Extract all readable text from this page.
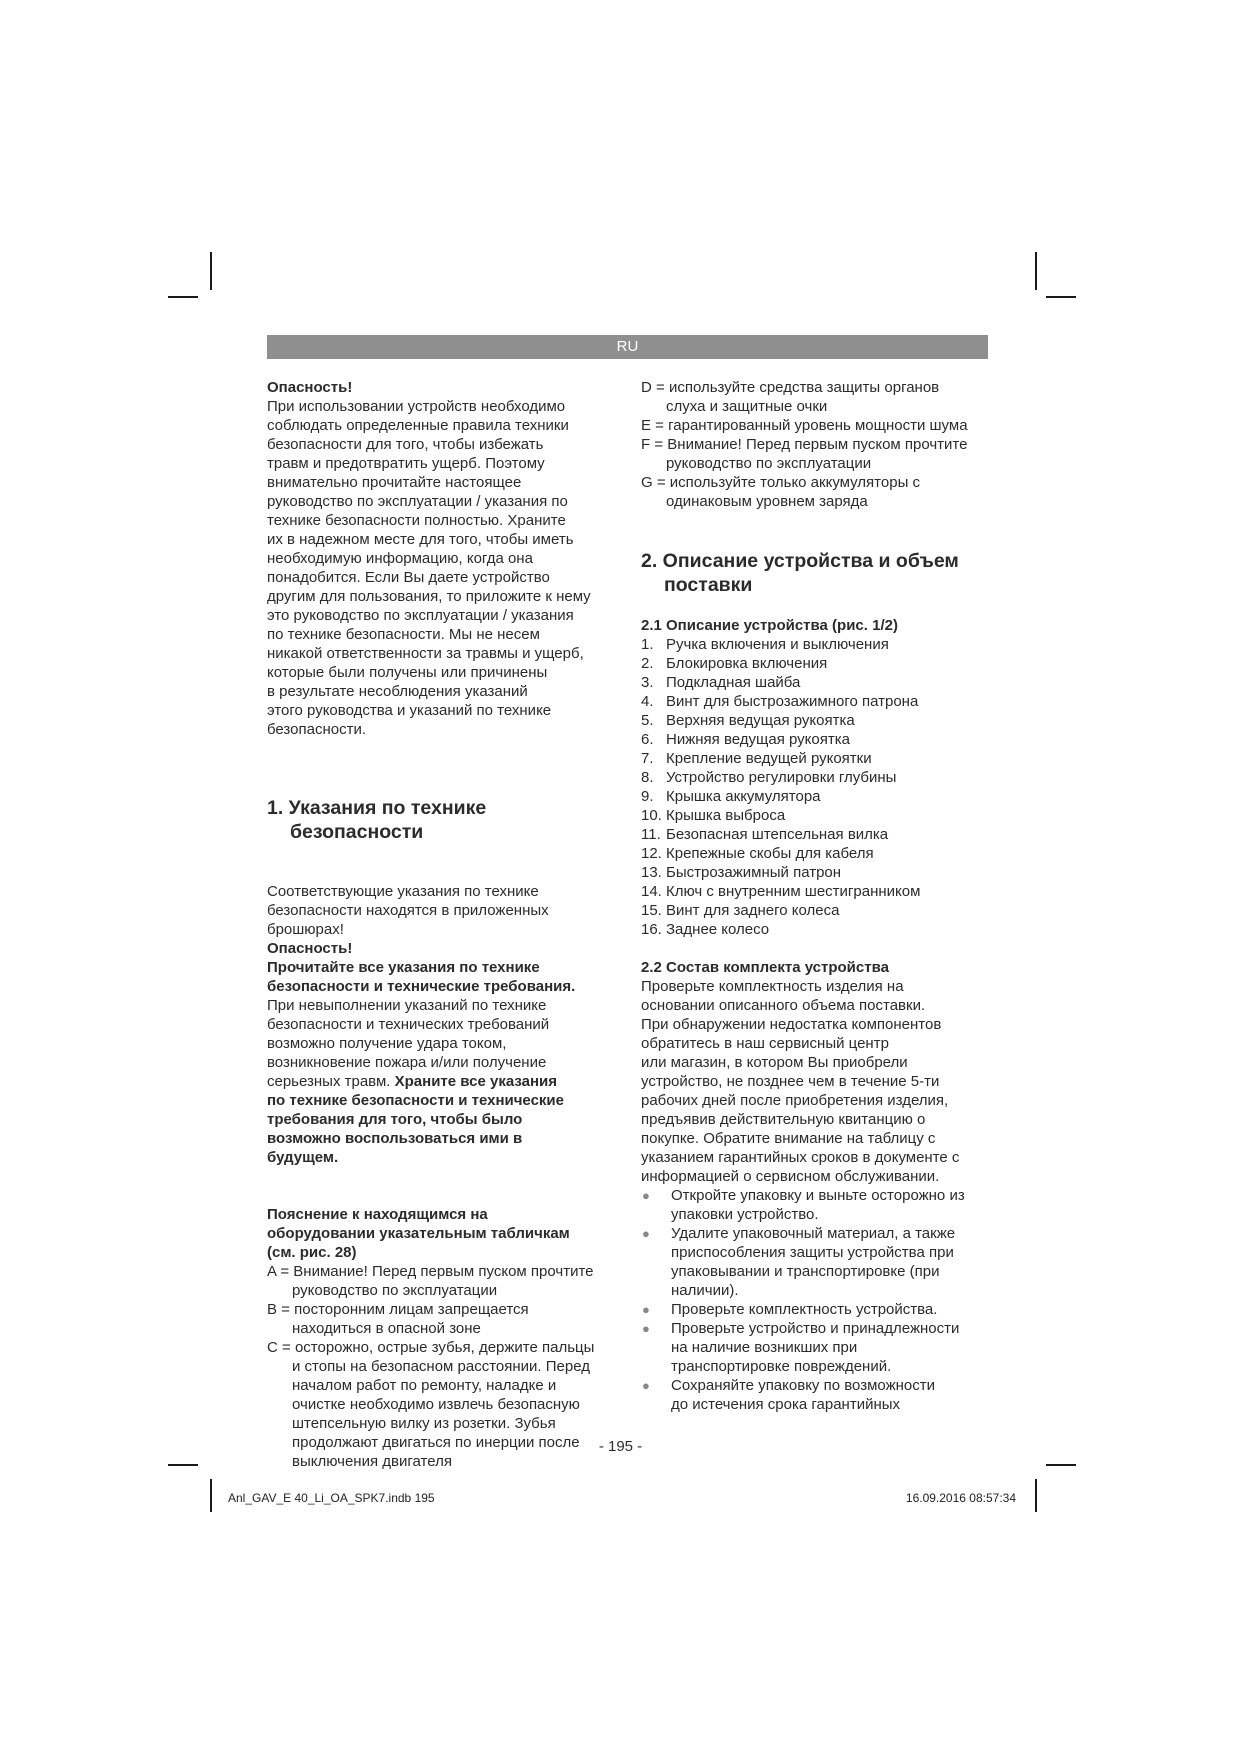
RU

Опасность!

При использовании устройств необходимо
соблюдать определенные правила техники
безопасности для того, чтобы избежать
травм и предотвратить ущерб. Поэтому
внимательно прочитайте настоящее
руководство по эксплуатации / указания по
технике безопасности полностью. Храните
их в надежном месте для того, чтобы иметь
необходимую информацию, когда она
понадобится. Если Вы даете устройство
другим для пользования, то приложите к нему
это руководство по эксплуатации / указания
по технике безопасности. Мы не несем
никакой ответственности за травмы и ущерб,
которые были получены или причинены
в результате несоблюдения указаний
этого руководства и указаний по технике
безопасности.

1. Указания по технике
безопасности

Соответствующие указания по технике
безопасности находятся в приложенных
брошюрах!

Опасность!

Прочитайте все указания по технике
безопасности и технические требования.

При невыполнении указаний по технике
безопасности и технических требований
возможно получение удара током,
возникновение пожара и/или получение
серьезных травм. Храните все указания
по технике безопасности и технические
требования для того, чтобы было
возможно воспользоваться ими в
будущем.

Пояснение к находящимся на
оборудовании указательным табличкам
(см. рис. 28)

A = Внимание! Перед первым пуском прочтите
руководство по эксплуатации
B = посторонним лицам запрещается
находиться в опасной зоне
C = осторожно, острые зубья, держите пальцы
и стопы на безопасном расстоянии. Перед
началом работ по ремонту, наладке и
очистке необходимо извлечь безопасную
штепсельную вилку из розетки. Зубья
продолжают двигаться по инерции после
выключения двигателя
D = используйте средства защиты органов
слуха и защитные очки
E = гарантированный уровень мощности шума
F = Внимание! Перед первым пуском прочтите
руководство по эксплуатации
G = используйте только аккумуляторы с
одинаковым уровнем заряда
2. Описание устройства и объем
поставки

2.1 Описание устройства (рис. 1/2)

1. Ручка включения и выключения
2. Блокировка включения
3. Подкладная шайба
4. Винт для быстрозажимного патрона
5. Верхняя ведущая рукоятка
6. Нижняя ведущая рукоятка
7. Крепление ведущей рукоятки
8. Устройство регулировки глубины
9. Крышка аккумулятора
10. Крышка выброса
11. Безопасная штепсельная вилка
12. Крепежные скобы для кабеля
13. Быстрозажимный патрон
14. Ключ с внутренним шестигранником
15. Винт для заднего колеса
16. Заднее колесо

2.2 Состав комплекта устройства

Проверьте комплектность изделия на
основании описанного объема поставки.
При обнаружении недостатка компонентов
обратитесь в наш сервисный центр
или магазин, в котором Вы приобрели
устройство, не позднее чем в течение 5-ти
рабочих дней после приобретения изделия,
предъявив действительную квитанцию о
покупке. Обратите внимание на таблицу с
указанием гарантийных сроков в документе с
информацией о сервисном обслуживании.

●	Откройте упаковку и выньте осторожно из
упаковки устройство.
●	Удалите упаковочный материал, а также
приспособления защиты устройства при
упаковывании и транспортировке (при
наличии).
●	Проверьте комплектность устройства.
●	Проверьте устройство и принадлежности
на наличие возникших при
транспортировке повреждений.
●	Сохраняйте упаковку по возможности
до истечения срока гарантийных
- 195 -
Anl_GAV_E 40_Li_OA_SPK7.indb 195	16.09.2016 08:57:34
